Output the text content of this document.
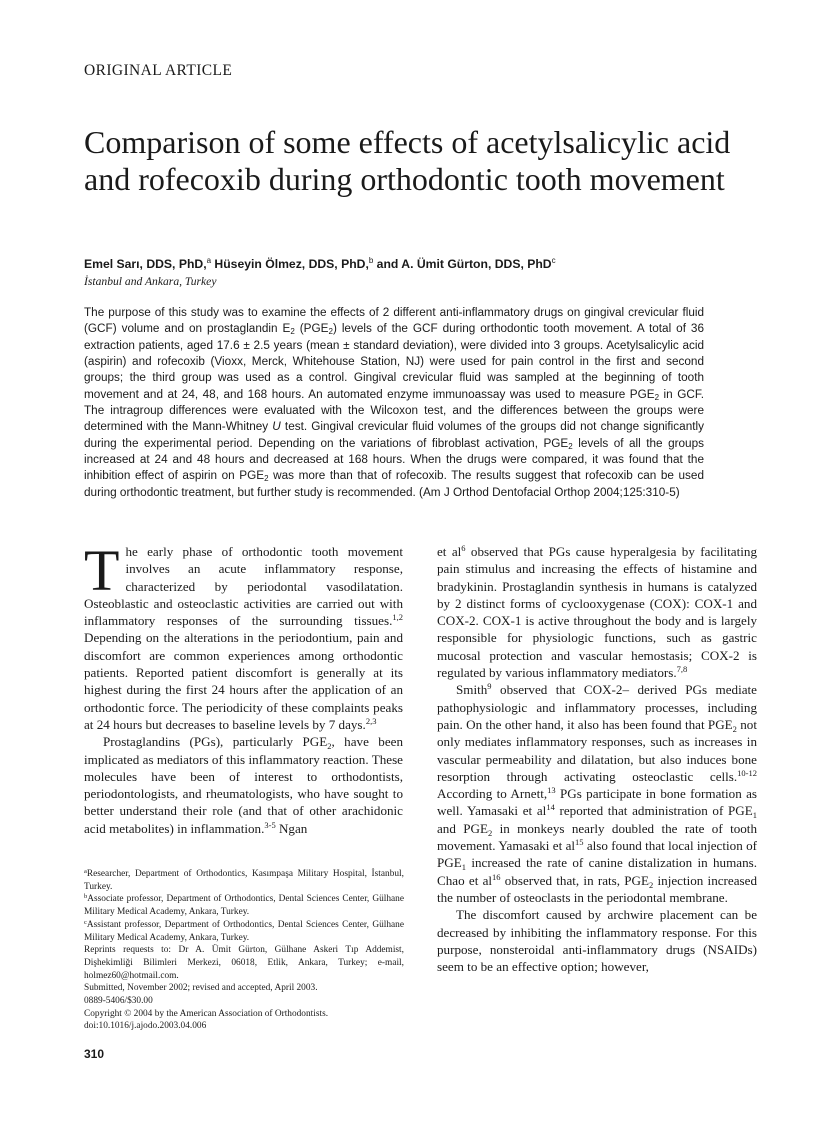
ORIGINAL ARTICLE
Comparison of some effects of acetylsalicylic acid and rofecoxib during orthodontic tooth movement
Emel Sarı, DDS, PhD,$^a$ Hüseyin Ölmez, DDS, PhD,$^b$ and A. Ümit Gürton, DDS, PhD$^c$
İstanbul and Ankara, Turkey
The purpose of this study was to examine the effects of 2 different anti-inflammatory drugs on gingival crevicular fluid (GCF) volume and on prostaglandin $E_2$ $(PGE_2)$ levels of the GCF during orthodontic tooth movement. A total of 36 extraction patients, aged 17.6 ± 2.5 years (mean ± standard deviation), were divided into 3 groups. Acetylsalicylic acid (aspirin) and rofecoxib (Vioxx, Merck, Whitehouse Station, NJ) were used for pain control in the first and second groups; the third group was used as a control. Gingival crevicular fluid was sampled at the beginning of tooth movement and at 24, 48, and 168 hours. An automated enzyme immunoassay was used to measure $PGE_2$ in GCF. The intragroup differences were evaluated with the Wilcoxon test, and the differences between the groups were determined with the Mann-Whitney U test. Gingival crevicular fluid volumes of the groups did not change significantly during the experimental period. Depending on the variations of fibroblast activation, $PGE_2$ levels of all the groups increased at 24 and 48 hours and decreased at 168 hours. When the drugs were compared, it was found that the inhibition effect of aspirin on $PGE_2$ was more than that of rofecoxib. The results suggest that rofecoxib can be used during orthodontic treatment, but further study is recommended. (Am J Orthod Dentofacial Orthop 2004;125:310-5)

The early phase of orthodontic tooth movement involves an acute inflammatory response, characterized by periodontal vasodilatation. Osteoblastic and osteoclastic activities are carried out with inflammatory responses of the surrounding tissues.$^{1,2}$ Depending on the alterations in the periodontium, pain and discomfort are common experiences among orthodontic patients. Reported patient discomfort is generally at its highest during the first 24 hours after the application of an orthodontic force. The periodicity of these complaints peaks at 24 hours but decreases to baseline levels by 7 days.$^{2,3}$

Prostaglandins (PGs), particularly $PGE_2$, have been implicated as mediators of this inflammatory reaction. These molecules have been of interest to orthodontists, periodontologists, and rheumatologists, who have sought to better understand their role (and that of other arachidonic acid metabolites) in inflammation.$^{3-5}$ Ngan

et al$^6$ observed that PGs cause hyperalgesia by facilitating pain stimulus and increasing the effects of histamine and bradykinin. Prostaglandin synthesis in humans is catalyzed by 2 distinct forms of cyclooxygenase (COX): COX-1 and COX-2. COX-1 is active throughout the body and is largely responsible for physiologic functions, such as gastric mucosal protection and vascular hemostasis; COX-2 is regulated by various inflammatory mediators.$^{7,8}$

Smith$^9$ observed that COX-2– derived PGs mediate pathophysiologic and inflammatory processes, including pain. On the other hand, it also has been found that $PGE_2$ not only mediates inflammatory responses, such as increases in vascular permeability and dilatation, but also induces bone resorption through activating osteoclastic cells.$^{10-12}$ According to Arnett,$^{13}$ PGs participate in bone formation as well. Yamasaki et al$^{14}$ reported that administration of $PGE_1$ and $PGE_2$ in monkeys nearly doubled the rate of tooth movement. Yamasaki et al$^{15}$ also found that local injection of $PGE_1$ increased the rate of canine distalization in humans. Chao et al$^{16}$ observed that, in rats, $PGE_2$ injection increased the number of osteoclasts in the periodontal membrane.

The discomfort caused by archwire placement can be decreased by inhibiting the inflammatory response. For this purpose, nonsteroidal anti-inflammatory drugs (NSAIDs) seem to be an effective option; however,

$^a$Researcher, Department of Orthodontics, Kasımpaşa Military Hospital, İstanbul, Turkey.

$^b$Associate professor, Department of Orthodontics, Dental Sciences Center, Gülhane Military Medical Academy, Ankara, Turkey.

$^c$Assistant professor, Department of Orthodontics, Dental Sciences Center, Gülhane Military Medical Academy, Ankara, Turkey.

Reprints requests to: Dr A. Ümit Gürton, Gülhane Askeri Tıp Addemist, Dişhekimliği Bilimleri Merkezi, 06018, Etlik, Ankara, Turkey; e-mail, holmez60@hotmail.com.

Submitted, November 2002; revised and accepted, April 2003.

0889-5406/$30.00

Copyright © 2004 by the American Association of Orthodontists.

doi:10.1016/j.ajodo.2003.04.006

310
